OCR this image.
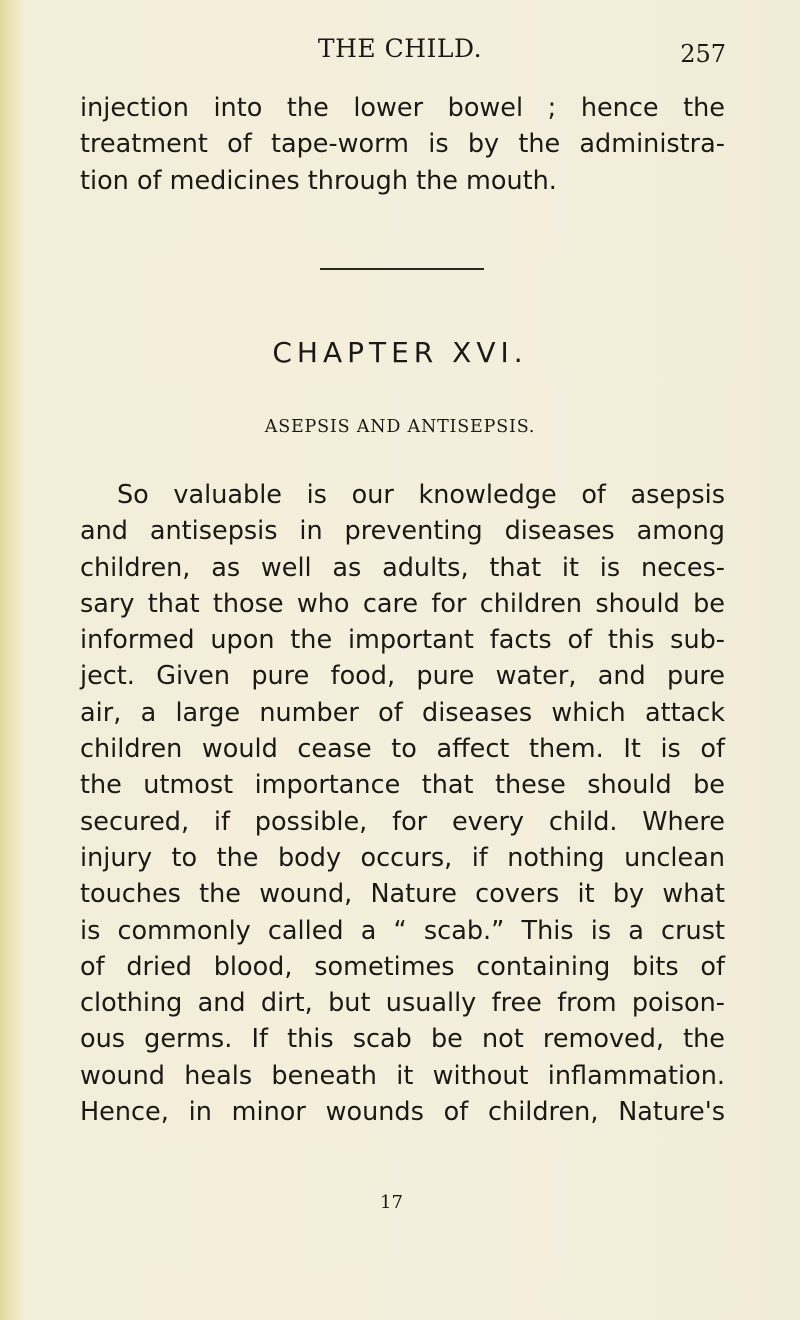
THE CHILD.	257
injection into the lower bowel ; hence the
treatment of tape-worm is by the administra-
tion of medicines through the mouth.
CHAPTER XVI.
ASEPSIS AND ANTISEPSIS.
So valuable is our knowledge of asepsis
and antisepsis in preventing diseases among
children, as well as adults, that it is neces-
sary that those who care for children should be
informed upon the important facts of this sub-
ject. Given pure food, pure water, and pure
air, a large number of diseases which attack
children would cease to affect them. It is of
the utmost importance that these should be
secured, if possible, for every child. Where
injury to the body occurs, if nothing unclean
touches the wound, Nature covers it by what
is commonly called a “ scab.” This is a crust
of dried blood, sometimes containing bits of
clothing and dirt, but usually free from poison-
ous germs. If this scab be not removed, the
wound heals beneath it without inflammation.
Hence, in minor wounds of children, Nature's
17
